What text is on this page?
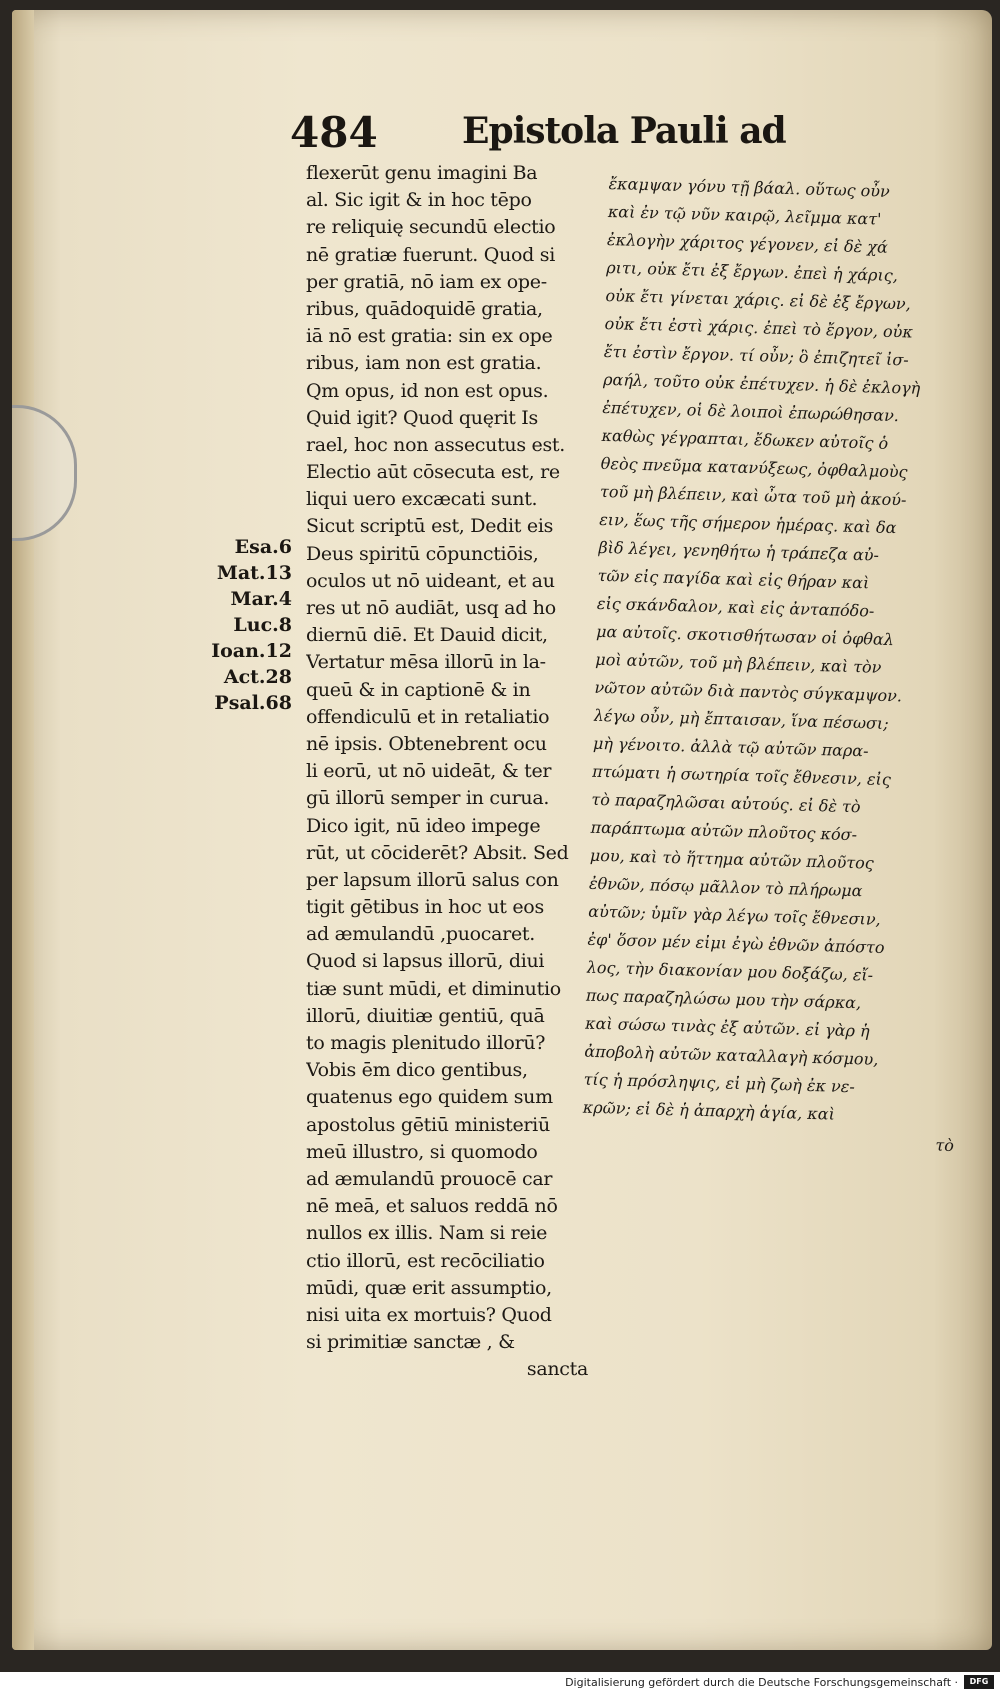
484 Epistola Pauli ad
Esa.6
Mat.13
Mar.4
Luc.8
Ioan.12
Act.28
Psal.68
flexerūt genu imagini Ba
al. Sic igit & in hoc tēpo
re reliquię secundū electio
nē gratiæ fuerunt. Quod si
per gratiā, nō iam ex ope-
ribus, quādoquidē gratia,
iā nō est gratia: sin ex ope
ribus, iam non est gratia.
Qm opus, id non est opus.
Quid igit? Quod quęrit Is
rael, hoc non assecutus est.
Electio aūt cōsecuta est, re
liqui uero excæcati sunt.
Sicut scriptū est, Dedit eis
Deus spiritū cōpunctiōis,
oculos ut nō uideant, et au
res ut nō audiāt, usq ad ho
diernū diē. Et Dauid dicit,
Vertatur mēsa illorū in la-
queū & in captionē & in
offendiculū et in retaliatio
nē ipsis. Obtenebrent ocu
li eorū, ut nō uideāt, & ter
gū illorū semper in curua.
Dico igit, nū ideo impege
rūt, ut cōciderēt? Absit. Sed
per lapsum illorū salus con
tigit gētibus in hoc ut eos
ad æmulandū ,puocaret.
Quod si lapsus illorū, diui
tiæ sunt mūdi, et diminutio
illorū, diuitiæ gentiū, quā
to magis plenitudo illorū?
Vobis ēm dico gentibus,
quatenus ego quidem sum
apostolus gētiū ministeriū
meū illustro, si quomodo
ad æmulandū prouocē car
nē meā, et saluos reddā nō
nullos ex illis. Nam si reie
ctio illorū, est recōciliatio
mūdi, quæ erit assumptio,
nisi uita ex mortuis? Quod
si primitiæ sanctæ , &
sancta
ἔκαμψαν γόνυ τῇ βάαλ. οὕτως οὖν
καὶ ἐν τῷ νῦν καιρῷ, λεῖμμα κατ'
ἐκλογὴν χάριτος γέγονεν, εἰ δὲ χά
ριτι, οὐκ ἔτι ἐξ ἔργων. ἐπεὶ ἡ χάρις,
οὐκ ἔτι γίνεται χάρις. εἰ δὲ ἐξ ἔργων,
οὐκ ἔτι ἐστὶ χάρις. ἐπεὶ τὸ ἔργον, οὐκ
ἔτι ἐστὶν ἔργον. τί οὖν; ὃ ἐπιζητεῖ ἰσ-
ραήλ, τοῦτο οὐκ ἐπέτυχεν. ἡ δὲ ἐκλογὴ
ἐπέτυχεν, οἱ δὲ λοιποὶ ἐπωρώθησαν.
καθὼς γέγραπται, ἔδωκεν αὐτοῖς ὁ
θεὸς πνεῦμα κατανύξεως, ὀφθαλμοὺς
τοῦ μὴ βλέπειν, καὶ ὦτα τοῦ μὴ ἀκού-
ειν, ἕως τῆς σήμερον ἡμέρας. καὶ δα
βὶδ λέγει, γενηθήτω ἡ τράπεζα αὐ-
τῶν εἰς παγίδα καὶ εἰς θήραν καὶ
εἰς σκάνδαλον, καὶ εἰς ἀνταπόδο-
μα αὐτοῖς. σκοτισθήτωσαν οἱ ὀφθαλ
μοὶ αὐτῶν, τοῦ μὴ βλέπειν, καὶ τὸν
νῶτον αὐτῶν διὰ παντὸς σύγκαμψον.
λέγω οὖν, μὴ ἔπταισαν, ἵνα πέσωσι;
μὴ γένοιτο. ἀλλὰ τῷ αὐτῶν παρα-
πτώματι ἡ σωτηρία τοῖς ἔθνεσιν, εἰς
τὸ παραζηλῶσαι αὐτούς. εἰ δὲ τὸ
παράπτωμα αὐτῶν πλοῦτος κόσ-
μου, καὶ τὸ ἥττημα αὐτῶν πλοῦτος
ἐθνῶν, πόσῳ μᾶλλον τὸ πλήρωμα
αὐτῶν; ὑμῖν γὰρ λέγω τοῖς ἔθνεσιν,
ἐφ' ὅσον μέν εἰμι ἐγὼ ἐθνῶν ἀπόστο
λος, τὴν διακονίαν μου δοξάζω, εἴ-
πως παραζηλώσω μου τὴν σάρκα,
καὶ σώσω τινὰς ἐξ αὐτῶν. εἰ γὰρ ἡ
ἀποβολὴ αὐτῶν καταλλαγὴ κόσμου,
τίς ἡ πρόσληψις, εἰ μὴ ζωὴ ἐκ νε-
κρῶν; εἰ δὲ ἡ ἀπαρχὴ ἁγία, καὶ
τὸ
Digitalisierung gefördert durch die Deutsche Forschungsgemeinschaft ·	DFG
